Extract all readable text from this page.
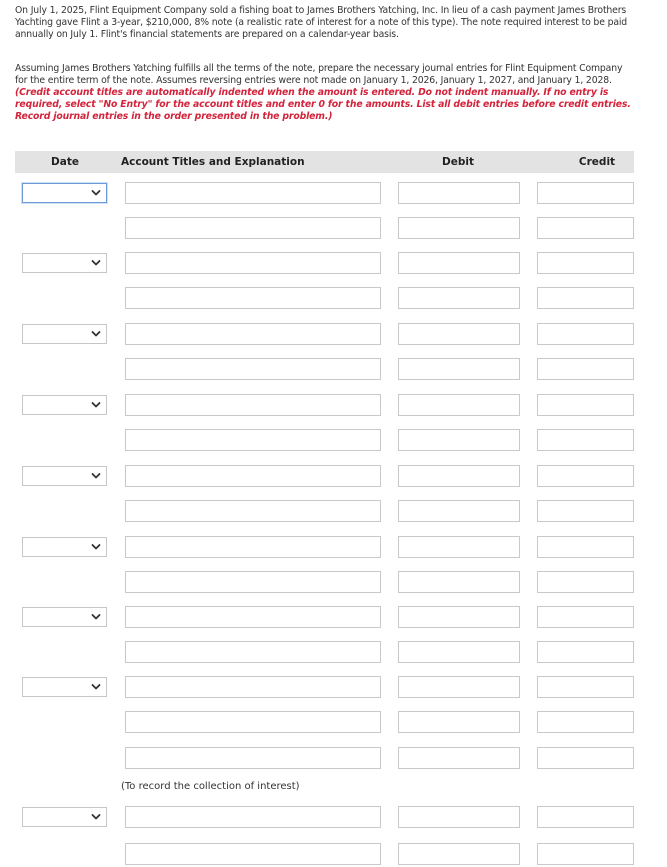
On July 1, 2025, Flint Equipment Company sold a fishing boat to James Brothers Yatching, Inc. In lieu of a cash payment James Brothers Yachting gave Flint a 3-year, $210,000, 8% note (a realistic rate of interest for a note of this type). The note required interest to be paid annually on July 1. Flint's financial statements are prepared on a calendar-year basis.
Assuming James Brothers Yatching fulfills all the terms of the note, prepare the necessary journal entries for Flint Equipment Company for the entire term of the note. Assumes reversing entries were not made on January 1, 2026, January 1, 2027, and January 1, 2028. (Credit account titles are automatically indented when the amount is entered. Do not indent manually. If no entry is required, select "No Entry" for the account titles and enter 0 for the amounts. List all debit entries before credit entries. Record journal entries in the order presented in the problem.)
Date	Account Titles and Explanation	Debit	Credit
(To record the collection of interest)
